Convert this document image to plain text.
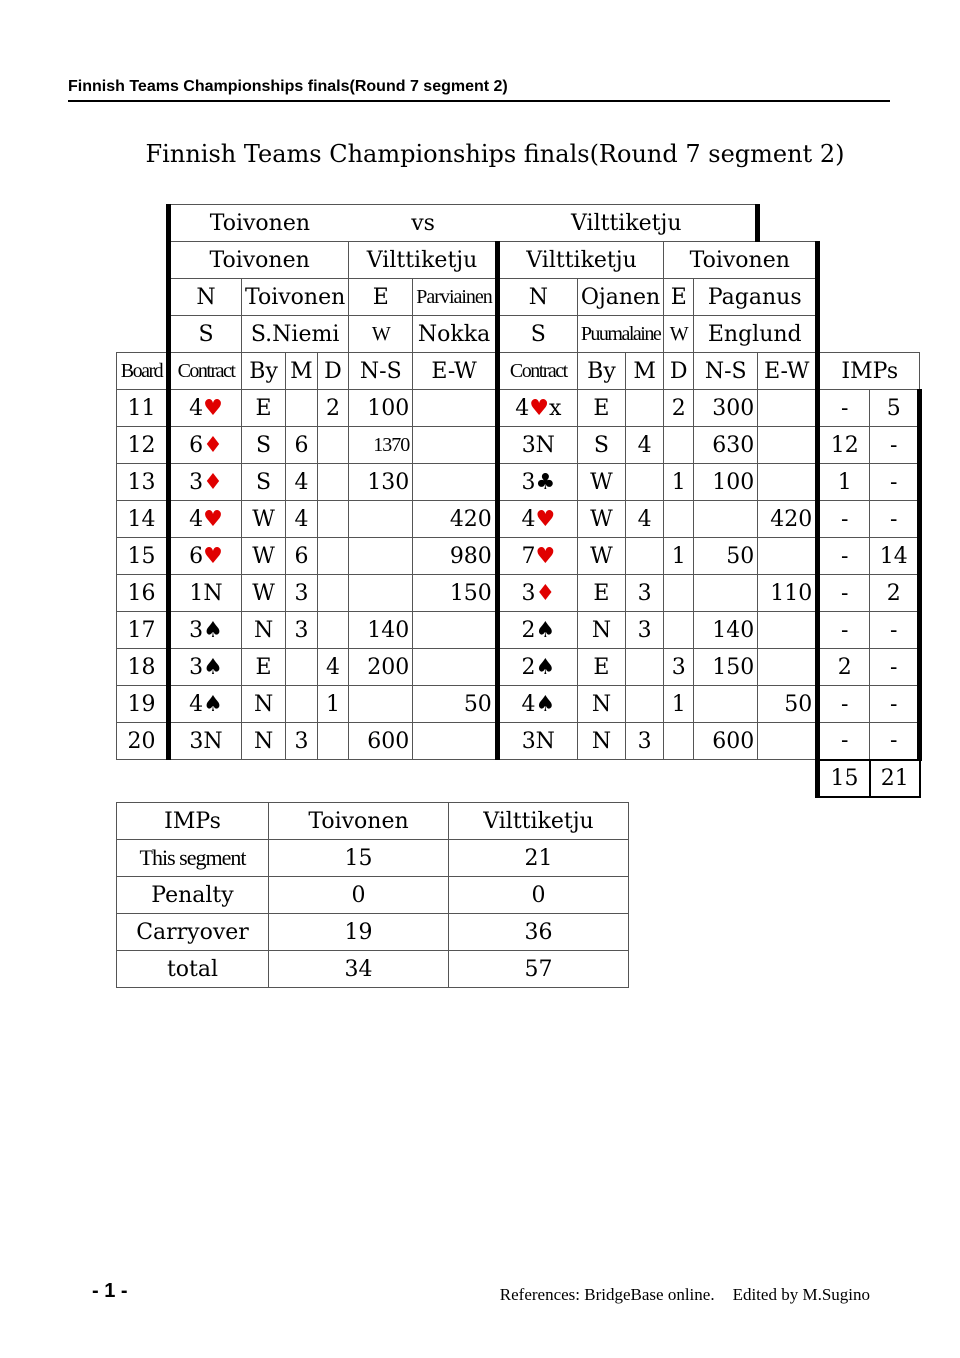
Finnish Teams Championships finals(Round 7 segment 2)
Finnish Teams Championships finals(Round 7 segment 2)
	Toivonen				vs		Vilttiketju							
	Toivonen				Vilttiketju		Vilttiketju			Toivonen				
	N	Toivonen			E	Parviainen	N	Ojanen		E	Paganus			
	S	S.Niemi			W	Nokka	S	Puumalaine		W	Englund			
Board	Contract	By	M	D	N-S	E-W	Contract	By	M	D	N-S	E-W	IMPs	
11	4♥	E		2	100		4♥x	E		2	300		-	5
12	6♦	S	6		1370		3N	S	4		630		12	-
13	3♦	S	4		130		3♣	W		1	100		1	-
14	4♥	W	4			420	4♥	W	4			420	-	-
15	6♥	W	6			980	7♥	W		1	50		-	14
16	1N	W	3			150	3♦	E	3			110	-	2
17	3♠	N	3		140		2♠	N	3		140		-	-
18	3♠	E		4	200		2♠	E		3	150		2	-
19	4♠	N		1		50	4♠	N		1		50	-	-
20	3N	N	3		600		3N	N	3		600		-	-
													15	21
IMPs	Toivonen	Vilttiketju
This segment	15	21
Penalty	0	0
Carryover	19	36
total	34	57
- 1 -	References: BridgeBase online. Edited by M.Sugino
